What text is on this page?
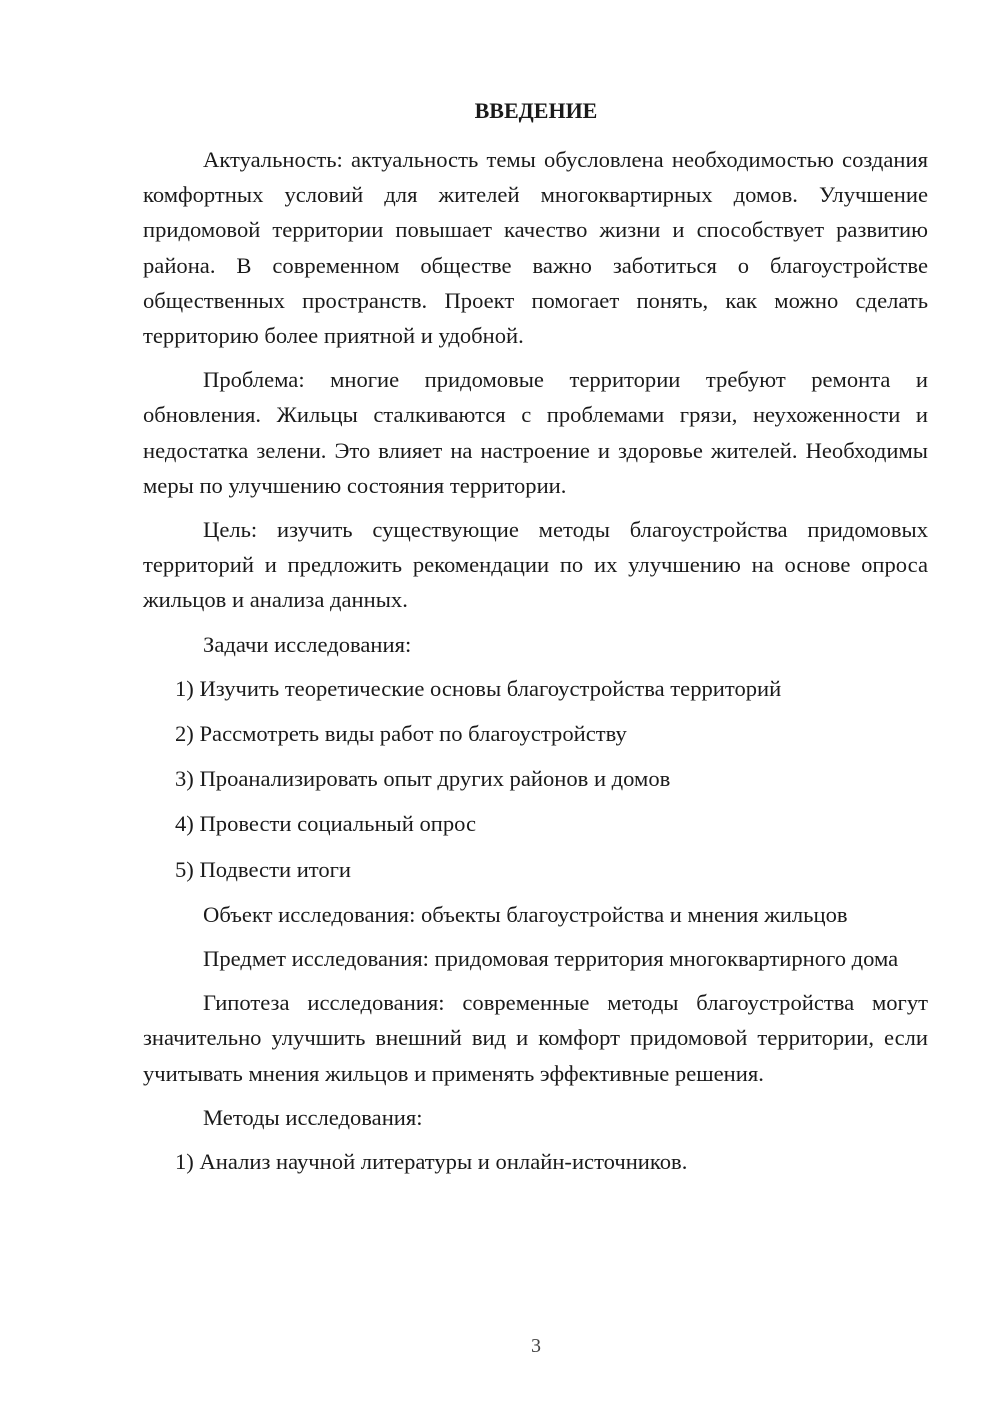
ВВЕДЕНИЕ

Актуальность: актуальность темы обусловлена необходимостью создания комфортных условий для жителей многоквартирных домов. Улучшение придомовой территории повышает качество жизни и способствует развитию района. В современном обществе важно заботиться о благоустройстве общественных пространств. Проект помогает понять, как можно сделать территорию более приятной и удобной.

Проблема: многие придомовые территории требуют ремонта и обновления. Жильцы сталкиваются с проблемами грязи, неухоженности и недостатка зелени. Это влияет на настроение и здоровье жителей. Необходимы меры по улучшению состояния территории.

Цель: изучить существующие методы благоустройства придомовых территорий и предложить рекомендации по их улучшению на основе опроса жильцов и анализа данных.

Задачи исследования:

1) Изучить теоретические основы благоустройства территорий

2) Рассмотреть виды работ по благоустройству

3) Проанализировать опыт других районов и домов

4) Провести социальный опрос

5) Подвести итоги

Объект исследования: объекты благоустройства и мнения жильцов

Предмет исследования: придомовая территория многоквартирного дома

Гипотеза исследования: современные методы благоустройства могут значительно улучшить внешний вид и комфорт придомовой территории, если учитывать мнения жильцов и применять эффективные решения.

Методы исследования:

1) Анализ научной литературы и онлайн-источников.

3
